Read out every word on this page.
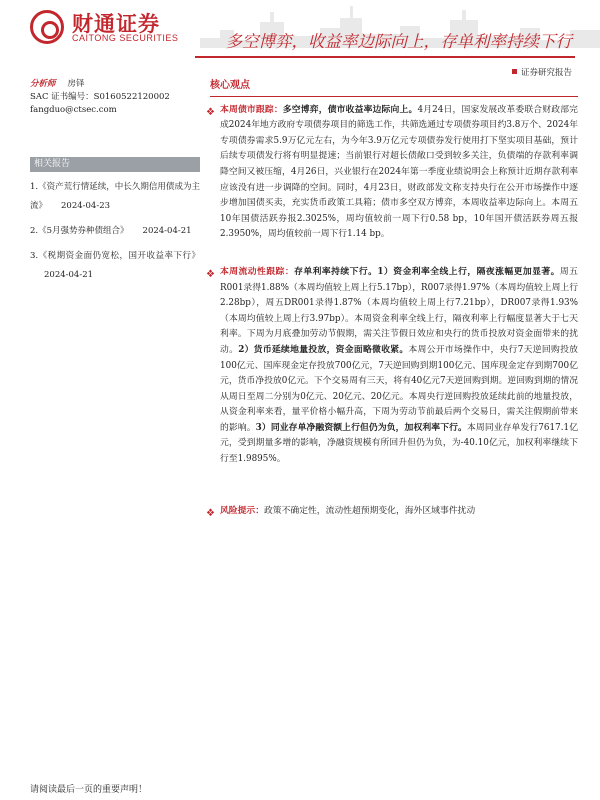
财通证券
CAITONG SECURITIES	多空博弈，收益率边际向上，存单利率持续下行
证券研究报告
分析师 房铎
SAC 证书编号：S0160522120002
fangduo@ctsec.com
相关报告
1.《资产荒行情延续，中长久期信用债成为主流》 2024-04-23
2.《5月强势券种债组合》 2024-04-21
3.《税期资金面仍宽松，国开收益率下行》2024-04-21
核心观点
❖ 本周债市跟踪：多空博弈，债市收益率边际向上。4月24日，国家发展改革委联合财政部完成2024年地方政府专项债券项目的筛选工作，共筛选通过专项债券项目约3.8万个、2024年专项债券需求5.9万亿元左右，为今年3.9万亿元专项债券发行使用打下坚实项目基础，预计后续专项债发行将有明显提速；当前银行对超长债敞口受到较多关注，负债端的存款利率调降空间又被压缩，4月26日，兴业银行在2024年第一季度业绩说明会上称预计近期存款利率应该没有进一步调降的空间。同时，4月23日，财政部发文称支持央行在公开市场操作中逐步增加国债买卖，充实货币政策工具箱；债市多空双方博弈，本周收益率边际向上。本周五10年国债活跃券报2.3025%，周均值较前一周下行0.58 bp，10年国开债活跃券周五报2.3950%，周均值较前一周下行1.14 bp。
❖ 本周流动性跟踪：存单利率持续下行。1）资金利率全线上行，隔夜涨幅更加显著。周五R001录得1.88%（本周均值较上周上行5.17bp），R007录得1.97%（本周均值较上周上行2.28bp），周五DR001录得1.87%（本周均值较上周上行7.21bp），DR007录得1.93%（本周均值较上周上行3.97bp）。本周资金利率全线上行，隔夜利率上行幅度显著大于七天利率。下周为月底叠加劳动节假期，需关注节假日效应和央行的货币投放对资金面带来的扰动。2）货币延续地量投放，资金面略微收紧。本周公开市场操作中，央行7天逆回购投放100亿元、国库现金定存投放700亿元，7天逆回购到期100亿元、国库现金定存到期700亿元，货币净投放0亿元。下个交易周有三天，将有40亿元7天逆回购到期。逆回购到期的情况从周日至周二分别为0亿元、20亿元、20亿元。本周央行逆回购投放延续此前的地量投放，从资金利率来看，量平价格小幅升高，下周为劳动节前最后两个交易日，需关注假期前带来的影响。3）同业存单净融资额上行但仍为负，加权利率下行。本周同业存单发行7617.1亿元，受到期量多增的影响，净融资规模有所回升但仍为负，为-40.10亿元，加权利率继续下行至1.9895%。
❖ 风险提示：政策不确定性，流动性超预期变化，海外区域事件扰动
请阅读最后一页的重要声明！
